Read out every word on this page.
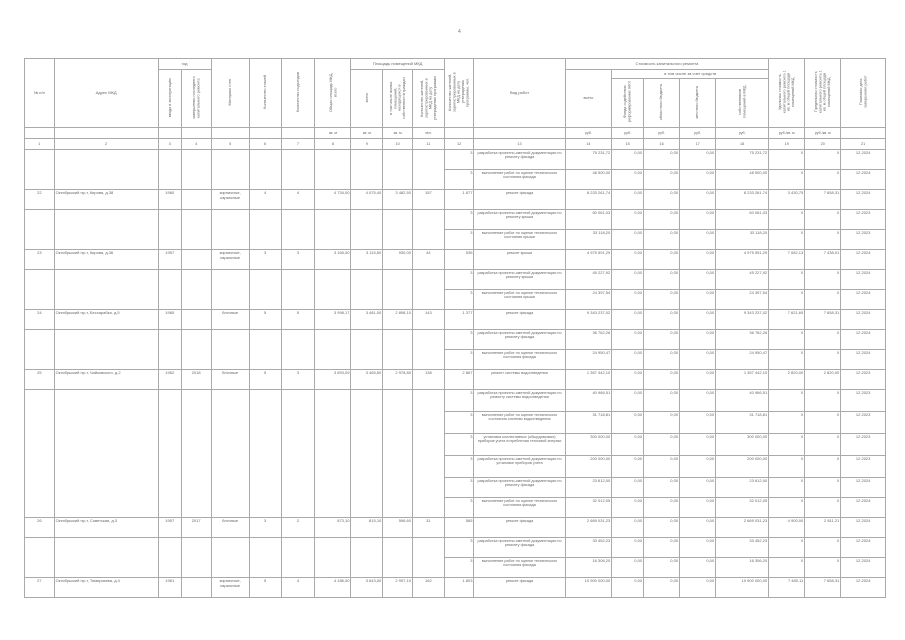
4
№ п/п	Адрес МКД	год		Материал стен	Количество этажей	Количество подъездов	Общая площадь МКД, всего	Площадь помещений МКД			Количество жителей, зарегистрированных в МКД на дату утверждения программы, чел.	Вид работ	Стоимость капитального ремонта					Удельная стоимость капитального ремонта 1 кв. м общей площади помещений МКД	Предельная стоимость капитального ремонта 1 кв. м общей площади помещений МКД	Плановая дата завершения работ
		ввода в эксплуатацию	завершения последнего капитального ремонта					всего	в том числе жилых помещений, находящихся в собственности граждан	Количество жителей, зарегистрированных в МКД на дату утверждения программы			всего	в том числе за счет средств						
														Фонда содействия реформированию ЖКХ	областного бюджета	местного бюджета	собственников помещений в МКД			
							кв. м	кв. м	кв. м	чел.			руб.	руб.	руб.	руб.	руб.	руб./кв. м	руб./кв. м	
1	2	3	4	5	6	7	8	9	10	11	12	13	14	15	16	17	18	19	20	21
											3	разработка проектно-сметной документации по ремонту фасада	75 231,72	0,00	0,00	0,00	75 231,72	X	X	12.2024
											3	выполнение работ по оценке технического состояния фасада	48 500,00	0,00	0,00	0,00	48 500,00	X	X	12.2024
22	Октябрьский пр-т, Кирова, д.38	1960		кирпичные, каркасные	4	4	4 734,00	4 075,40	3 482,50	157	1 877	ремонт фасада	8 233 261,74	0,00	0,00	0,00	8 233 261,74	3 430,75	7 658,31	12.2024
											3	разработка проектно-сметной документации по ремонту крыши	60 061,03	0,00	0,00	0,00	60 061,03	X	X	12.2023
											3	выполнение работ по оценке технического состояния крыши	33 118,20	0,00	0,00	0,00	33 118,20	X	X	12.2023
23	Октябрьский пр-т, Кирова, д.36	1957		кирпичные, каркасные	3	3	3 165,00	3 115,50	930,00	44	536	ремонт крыши	4 975 591,29	0,00	0,00	0,00	4 975 591,29	7 082,13	7 438,01	12.2024
											3	разработка проектно-сметной документации по ремонту крыши	45 227,92	0,00	0,00	0,00	45 227,92	X	X	12.2024
											3	выполнение работ по оценке технического состояния крыши	24 397,54	0,00	0,00	0,00	24 397,54	X	X	12.2024
24	Октябрьский пр-т, Бессарабка, д.5	1965		блочные	5	5	3 998,17	3 481,00	2 898,10	143	1 377	ремонт фасада	9 343 237,02	0,00	0,00	0,00	9 343 237,02	7 621,65	7 658,31	12.2024
											3	разработка проектно-сметной документации по ремонту фасада	36 762,26	0,00	0,00	0,00	36 762,26	X	X	12.2024
											3	выполнение работ по оценке технического состояния фасада	24 950,47	0,00	0,00	0,00	24 950,47	X	X	12.2024
25	Октябрьский пр-т, Чайковского, д.2	1962	2018	блочные	5	3	3 893,09	3 465,50	2 978,80	138	2 867	ремонт системы водоотведения	1 357 442,10	0,00	0,00	0,00	1 357 442,10	2 820,00	2 820,00	12.2023
											3	разработка проектно-сметной документации по ремонту системы водоотведения	40 966,51	0,00	0,00	0,00	40 966,51	X	X	12.2023
											3	выполнение работ по оценке технического состояния системы водоотведения	31 718,81	0,00	0,00	0,00	31 718,81	X	X	12.2023
											3	установка коллективных (общедомовых) приборов учета потребления тепловой энергии	300 000,00	0,00	0,00	0,00	300 000,00	X	X	12.2023
											3	разработка проектно-сметной документации по установке приборов учета	200 000,00	0,00	0,00	0,00	200 000,00	X	X	12.2023
											3	разработка проектно-сметной документации по ремонту фасада	23 612,00	0,00	0,00	0,00	23 612,00	X	X	12.2024
											3	выполнение работ по оценке технического состояния фасада	32 012,05	0,00	0,00	0,00	32 012,05	X	X	12.2024
26	Октябрьский пр-т, Советская, д.3	1957	2017	блочные	3	2	873,10	815,10	596,60	31	565	ремонт фасада	2 669 031,23	0,00	0,00	0,00	2 669 031,23	4 900,00	2 811,21	12.2024
											3	разработка проектно-сметной документации по ремонту фасада	33 452,23	0,00	0,00	0,00	33 452,23	X	X	12.2024
											3	выполнение работ по оценке технического состояния фасада	16 306,20	0,00	0,00	0,00	16 306,20	X	X	12.2024
27	Октябрьский пр-т, Тимирязева, д.4	1961		кирпичные, каркасные	5	4	4 186,00	3 643,00	2 997,10	162	1 803	ремонт фасада	10 900 000,00	0,00	0,00	0,00	10 900 000,00	7 480,11	7 658,31	12.2024
